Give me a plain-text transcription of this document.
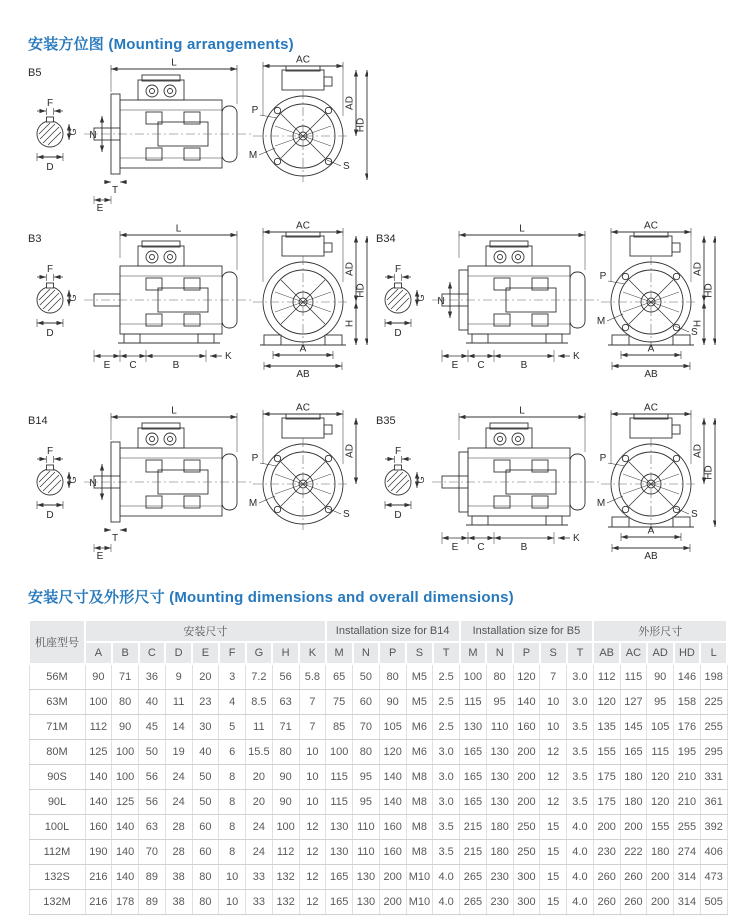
安装方位图 (Mounting arrangements)
B5
F
G
D
L
N
T
E
AC
AD
HD
P
M
S
B3
F
G
D
L
E C	B
K
AC
AD
HD
H
A
AB
B34
F
G
D
L
N
E C	B
K
AC
AD
HD
H
P
M
S
A
AB
B14
F
G
D
L
N
T
E
AC
AD
P
M
S
B35
F
G
D
L
E C	B
K
AC
AD
HD
P
M
S
A
AB
安装尺寸及外形尺寸 (Mounting dimensions and overall dimensions)
机座型号	安装尺寸									Installation size for B14					Installation size for B5					外形尺寸				
	A	B	C	D	E	F	G	H	K	M	N	P	S	T	M	N	P	S	T	AB	AC	AD	HD	L
56M	90	71	36	9	20	3	7.2	56	5.8	65	50	80	M5	2.5	100	80	120	7	3.0	112	115	90	146	198
63M	100	80	40	11	23	4	8.5	63	7	75	60	90	M5	2.5	115	95	140	10	3.0	120	127	95	158	225
71M	112	90	45	14	30	5	11	71	7	85	70	105	M6	2.5	130	110	160	10	3.5	135	145	105	176	255
80M	125	100	50	19	40	6	15.5	80	10	100	80	120	M6	3.0	165	130	200	12	3.5	155	165	115	195	295
90S	140	100	56	24	50	8	20	90	10	115	95	140	M8	3.0	165	130	200	12	3.5	175	180	120	210	331
90L	140	125	56	24	50	8	20	90	10	115	95	140	M8	3.0	165	130	200	12	3.5	175	180	120	210	361
100L	160	140	63	28	60	8	24	100	12	130	110	160	M8	3.5	215	180	250	15	4.0	200	200	155	255	392
112M	190	140	70	28	60	8	24	112	12	130	110	160	M8	3.5	215	180	250	15	4.0	230	222	180	274	406
132S	216	140	89	38	80	10	33	132	12	165	130	200	M10	4.0	265	230	300	15	4.0	260	260	200	314	473
132M	216	178	89	38	80	10	33	132	12	165	130	200	M10	4.0	265	230	300	15	4.0	260	260	200	314	505
